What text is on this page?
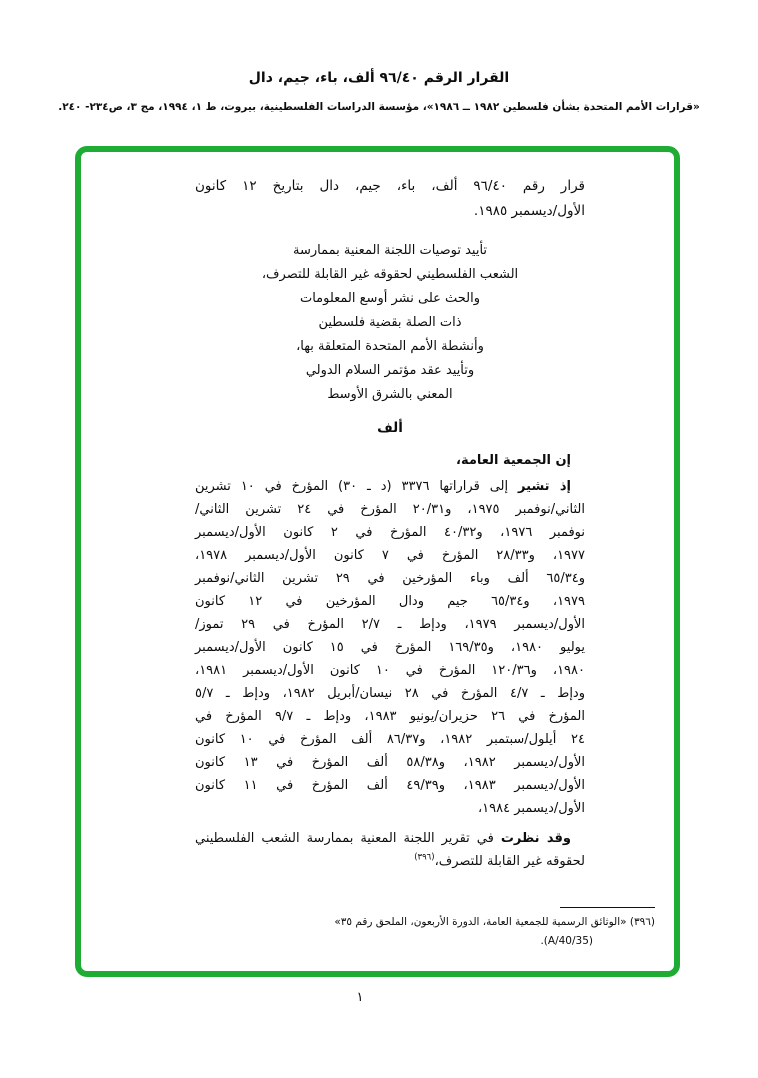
القرار الرقم ٩٦/٤٠ ألف، باء، جيم، دال
«قرارات الأمم المتحدة بشأن فلسطين ١٩٨٢ ــ ١٩٨٦»، مؤسسة الدراسات الفلسطينية، بيروت، ط ١، ١٩٩٤، مج ٣، ص٢٣٤- ٢٤٠.
قرار رقم ٩٦/٤٠ ألف، باء، جيم، دال بتاريخ ١٢ كانون
الأول/ديسمبر ١٩٨٥.
تأييد توصيات اللجنة المعنية بممارسة
الشعب الفلسطيني لحقوقه غير القابلة للتصرف،
والحث على نشر أوسع المعلومات
ذات الصلة بقضية فلسطين
وأنشطة الأمم المتحدة المتعلقة بها،
وتأييد عقد مؤتمر السلام الدولي
المعني بالشرق الأوسط
ألف
إن الجمعية العامة،
إذ تشير إلى قراراتها ٣٣٧٦ (د ـ ٣٠) المؤرخ في ١٠ تشرين
الثاني/نوفمبر ١٩٧٥، و٢٠/٣١ المؤرخ في ٢٤ تشرين الثاني/
نوفمبر ١٩٧٦، و٤٠/٣٢ المؤرخ في ٢ كانون الأول/ديسمبر
١٩٧٧، و٢٨/٣٣ المؤرخ في ٧ كانون الأول/ديسمبر ١٩٧٨،
و٦٥/٣٤ ألف وباء المؤرخين في ٢٩ تشرين الثاني/نوفمبر
١٩٧٩، و٦٥/٣٤ جيم ودال المؤرخين في ١٢ كانون
الأول/ديسمبر ١٩٧٩، ودإط ـ ٢/٧ المؤرخ في ٢٩ تموز/
يوليو ١٩٨٠، و١٦٩/٣٥ المؤرخ في ١٥ كانون الأول/ديسمبر
١٩٨٠، و١٢٠/٣٦ المؤرخ في ١٠ كانون الأول/ديسمبر ١٩٨١،
ودإط ـ ٤/٧ المؤرخ في ٢٨ نيسان/أبريل ١٩٨٢، ودإط ـ ٥/٧
المؤرخ في ٢٦ حزيران/يونيو ١٩٨٣، ودإط ـ ٩/٧ المؤرخ في
٢٤ أيلول/سبتمبر ١٩٨٢، و٨٦/٣٧ ألف المؤرخ في ١٠ كانون
الأول/ديسمبر ١٩٨٢، و٥٨/٣٨ ألف المؤرخ في ١٣ كانون
الأول/ديسمبر ١٩٨٣، و٤٩/٣٩ ألف المؤرخ في ١١ كانون
الأول/ديسمبر ١٩٨٤،
وقد نظرت في تقرير اللجنة المعنية بممارسة الشعب الفلسطيني
لحقوقه غير القابلة للتصرف،$^{(٣٩٦)}$
(٣٩٦) «الوثائق الرسمية للجمعية العامة، الدورة الأربعون، الملحق رقم ٣٥»
(A/40/35).
١
